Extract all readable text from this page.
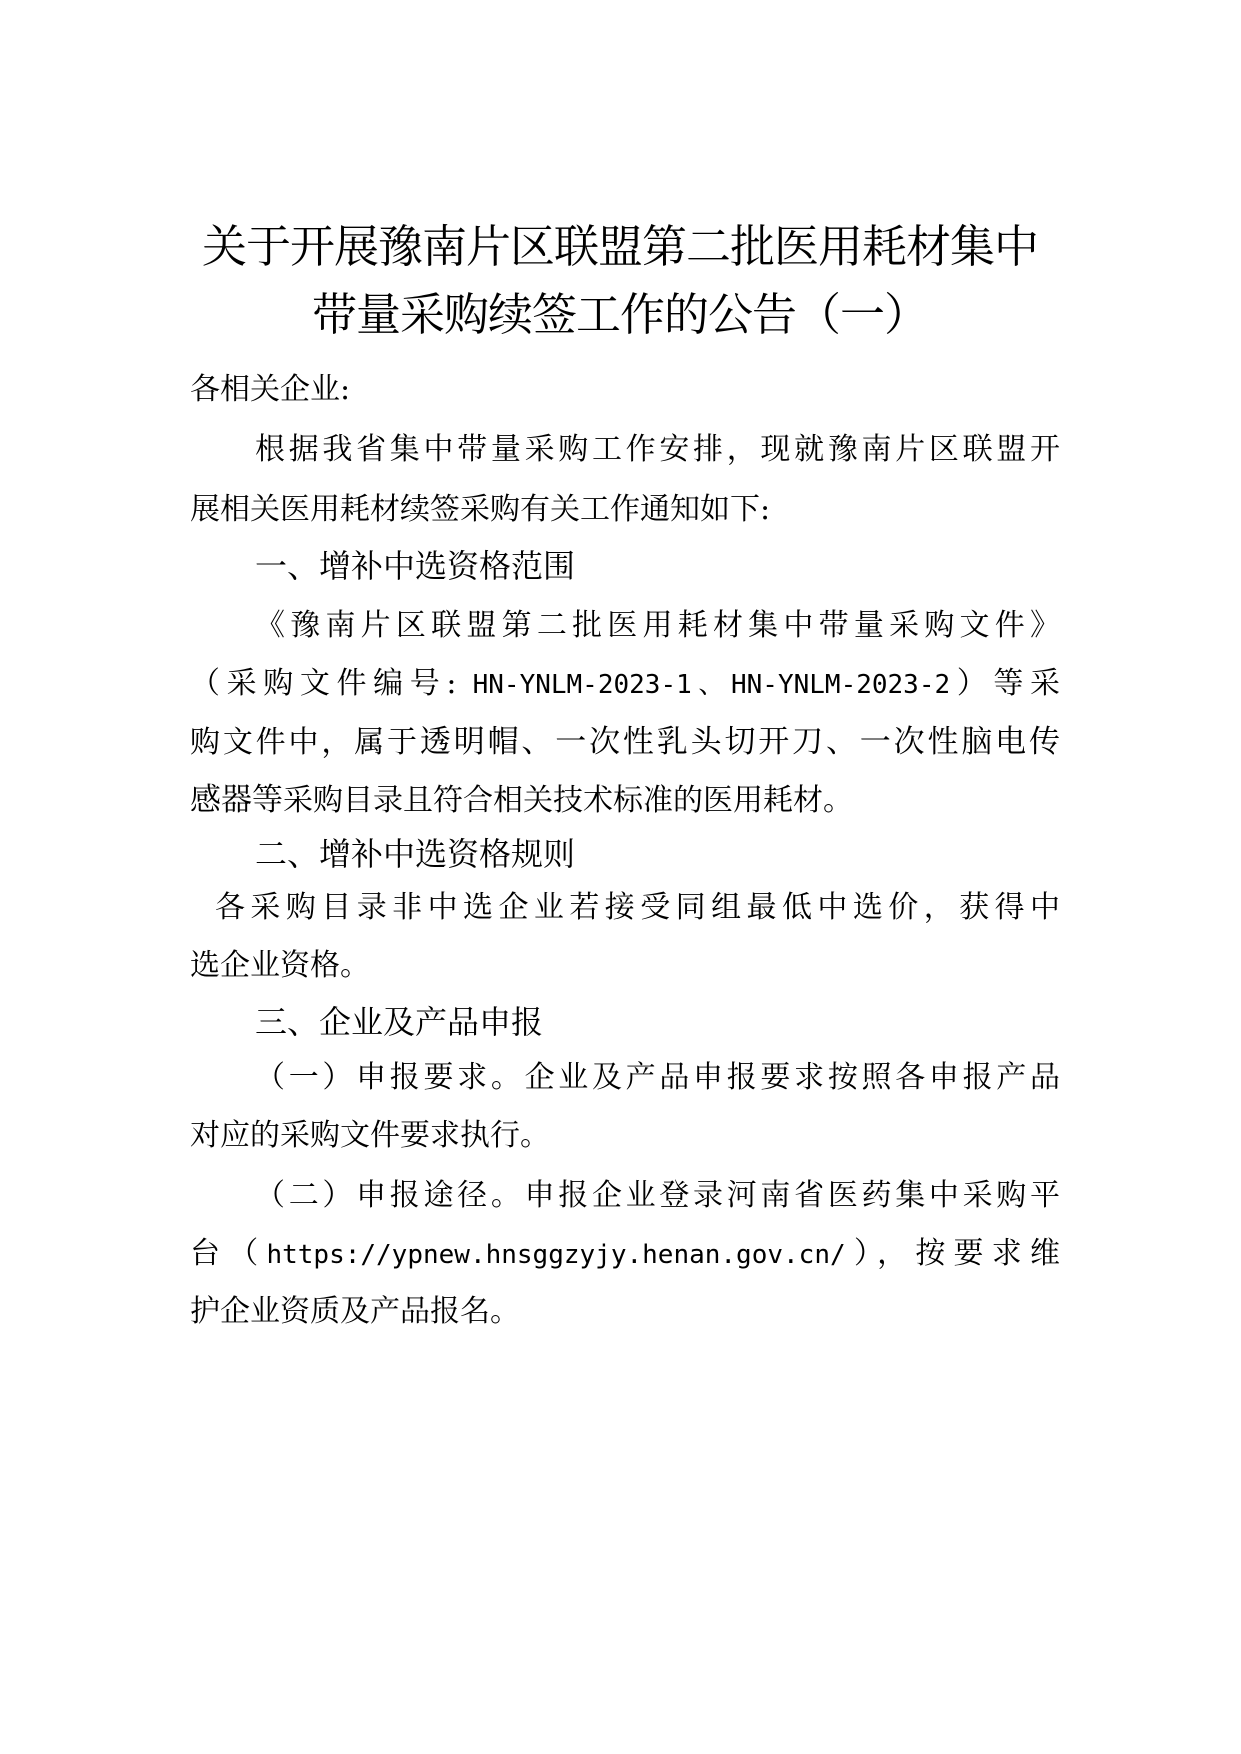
关于开展豫南片区联盟第二批医用耗材集中
带量采购续签工作的公告（一）

各相关企业:

根据我省集中带量采购工作安排，现就豫南片区联盟开

展相关医用耗材续签采购有关工作通知如下:

一、增补中选资格范围

《豫南片区联盟第二批医用耗材集中带量采购文件》

（采购文件编号: HN-YNLM-2023-1、HN-YNLM-2023-2）等采

购文件中，属于透明帽、一次性乳头切开刀、一次性脑电传

感器等采购目录且符合相关技术标准的医用耗材。

二、增补中选资格规则

各采购目录非中选企业若接受同组最低中选价，获得中

选企业资格。

三、企业及产品申报

（一）申报要求。企业及产品申报要求按照各申报产品

对应的采购文件要求执行。

（二）申报途径。申报企业登录河南省医药集中采购平

台（https://ypnew.hnsggzyjy.henan.gov.cn/），按要求维

护企业资质及产品报名。
